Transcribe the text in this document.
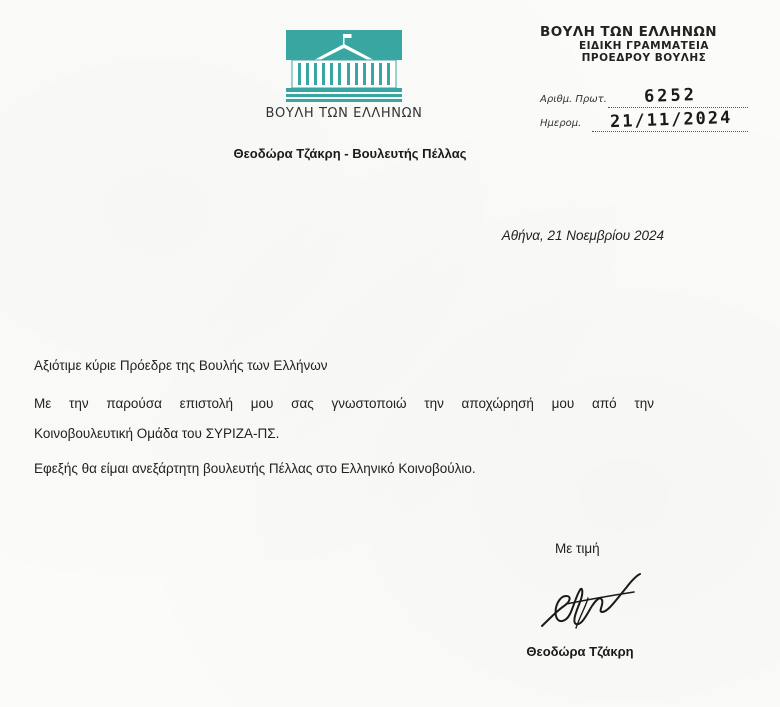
ΒΟΥΛΗ ΤΩΝ ΕΛΛΗΝΩΝ
Θεοδώρα Τζάκρη - Βουλευτής Πέλλας
ΒΟΥΛΗ ΤΩΝ ΕΛΛΗΝΩΝ
ΕΙΔΙΚΗ ΓΡΑΜΜΑΤΕΙΑ
ΠΡΟΕΔΡΟΥ ΒΟΥΛΗΣ
Αριθμ. Πρωτ. 6252
Ημερομ. 21/11/2024
Αθήνα, 21 Νοεμβρίου 2024
Αξιότιμε κύριε Πρόεδρε της Βουλής των Ελλήνων
Με την παρούσα επιστολή μου σας γνωστοποιώ την αποχώρησή μου από την
Κοινοβουλευτική Ομάδα του ΣΥΡΙΖΑ-ΠΣ.
Εφεξής θα είμαι ανεξάρτητη βουλευτής Πέλλας στο Ελληνικό Κοινοβούλιο.
Με τιμή
Θεοδώρα Τζάκρη
